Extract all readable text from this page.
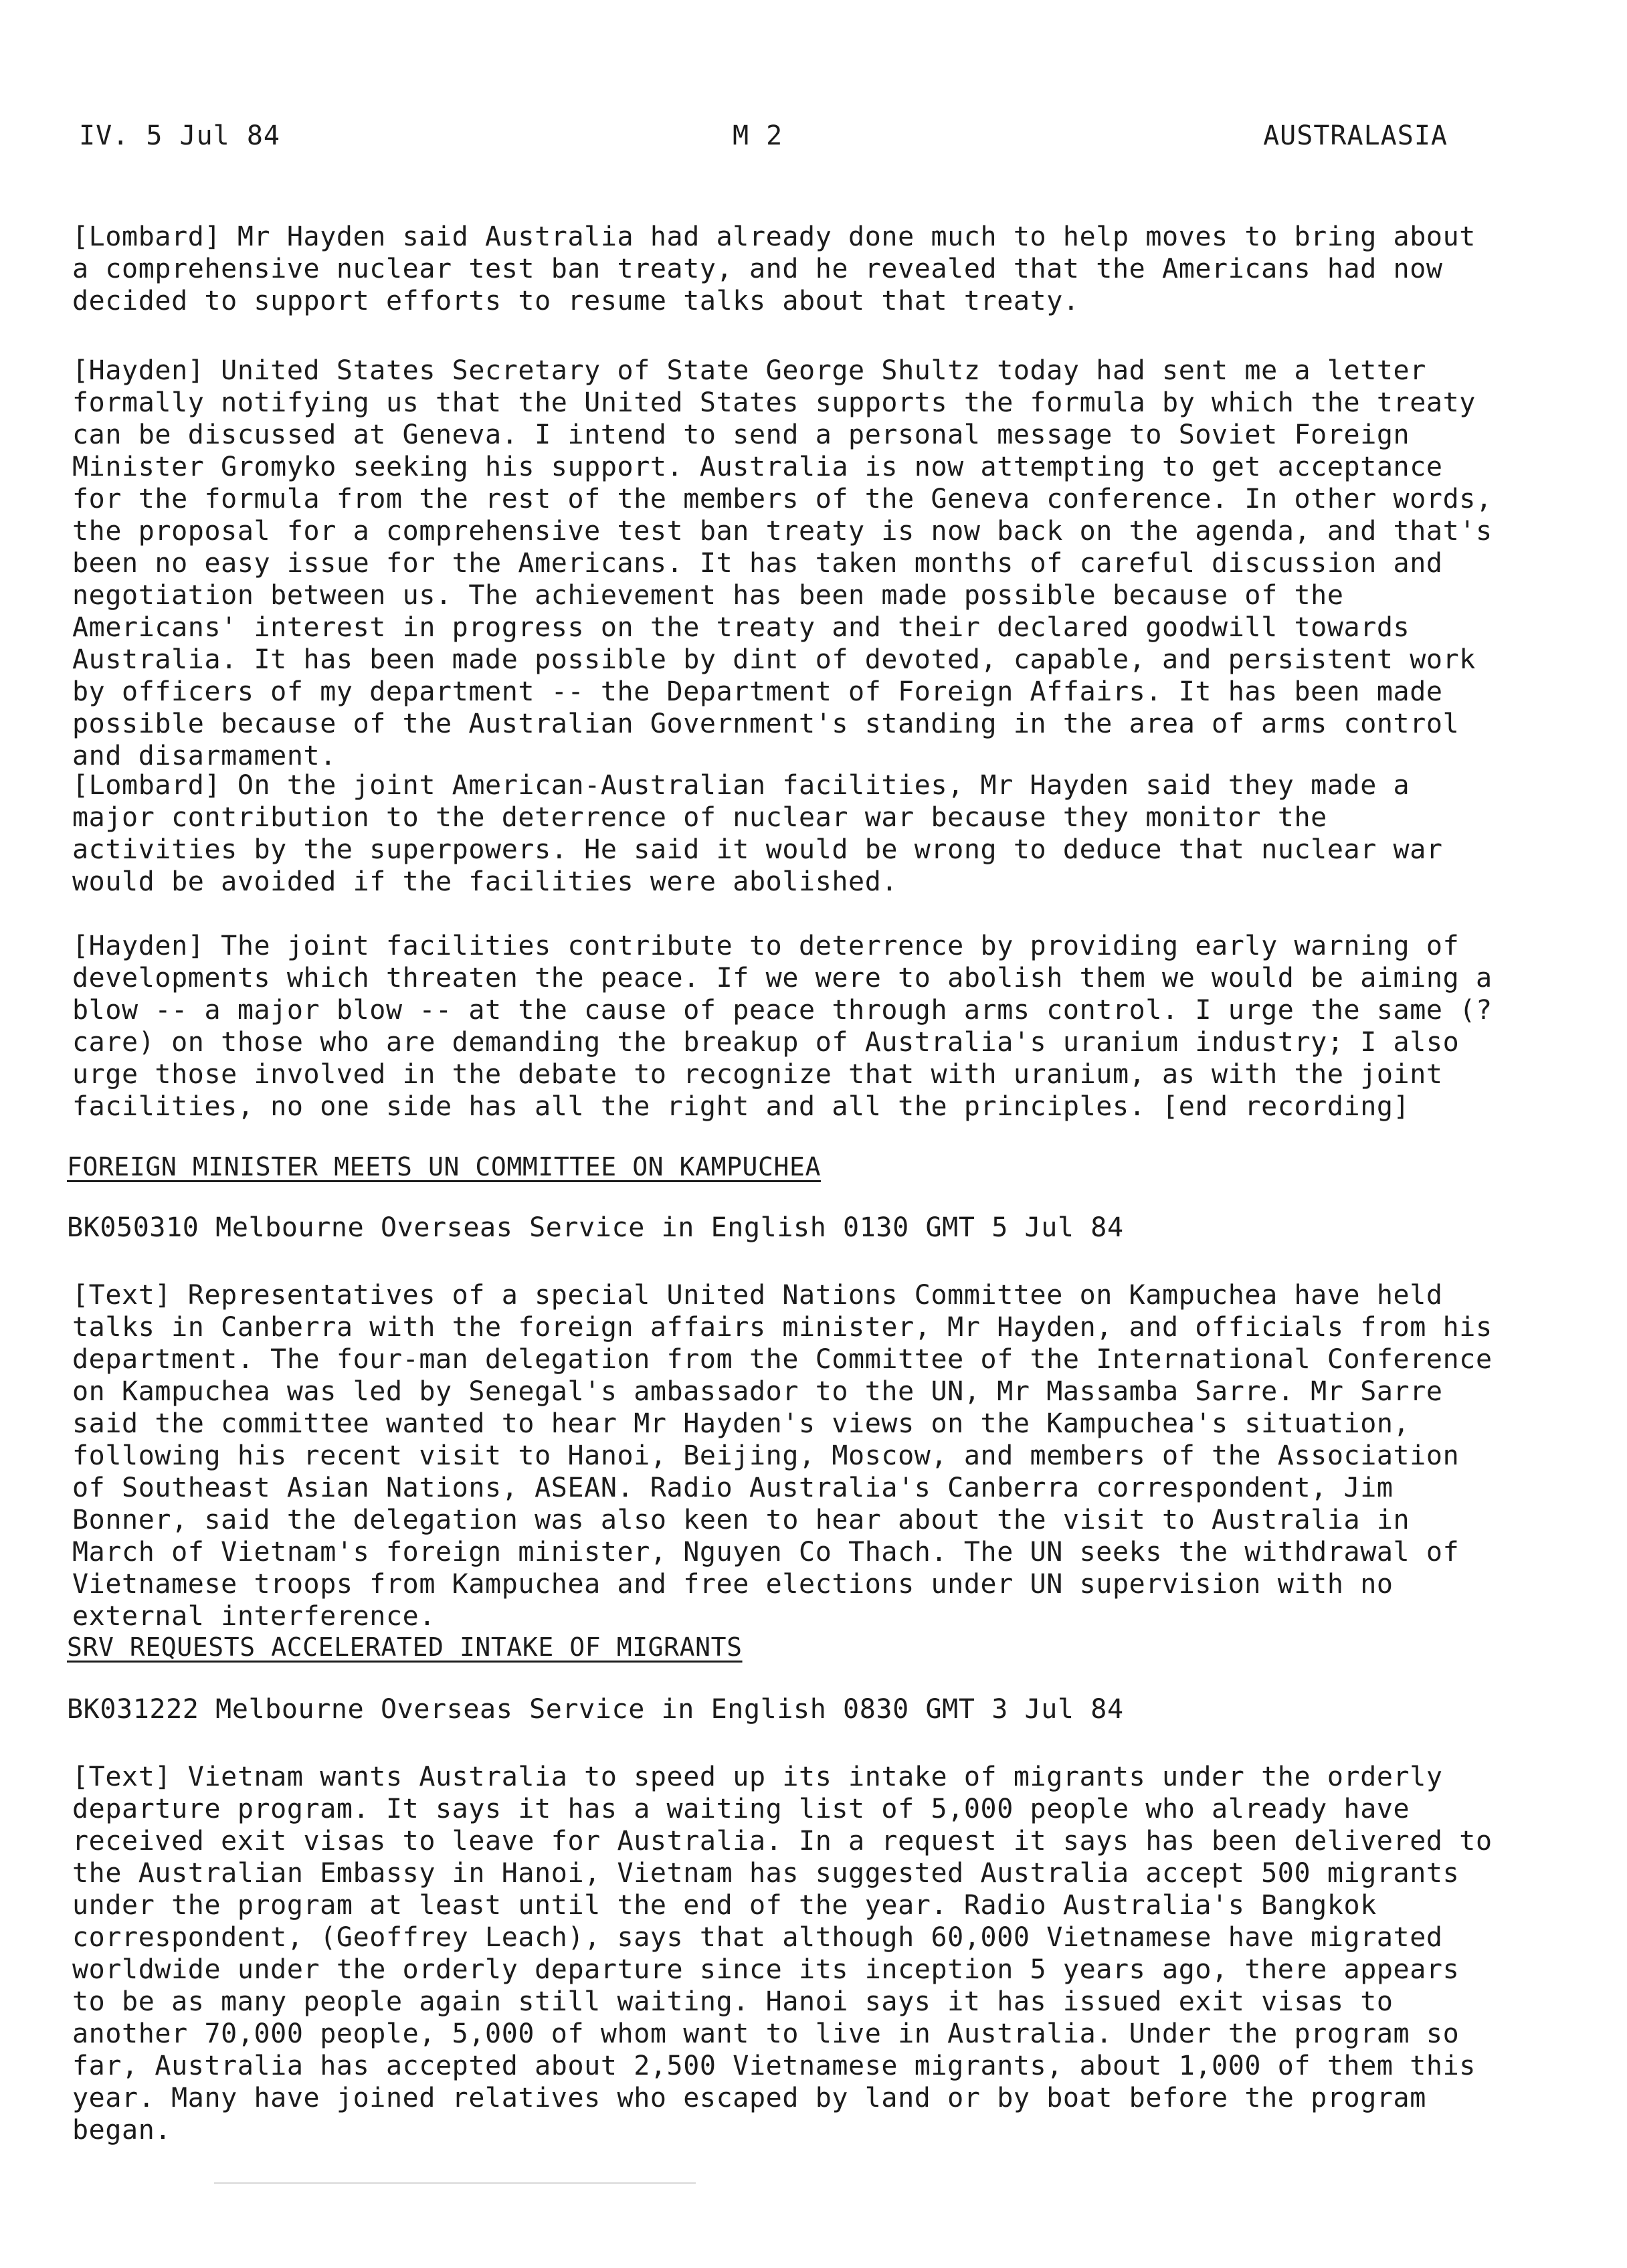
IV. 5 Jul 84	M 2	AUSTRALASIA

[Lombard] Mr Hayden said Australia had already done much to help moves to bring about a comprehensive nuclear test ban treaty, and he revealed that the Americans had now decided to support efforts to resume talks about that treaty.

[Hayden] United States Secretary of State George Shultz today had sent me a letter formally notifying us that the United States supports the formula by which the treaty can be discussed at Geneva. I intend to send a personal message to Soviet Foreign Minister Gromyko seeking his support. Australia is now attempting to get acceptance for the formula from the rest of the members of the Geneva conference. In other words, the proposal for a comprehensive test ban treaty is now back on the agenda, and that's been no easy issue for the Americans. It has taken months of careful discussion and negotiation between us. The achievement has been made possible because of the Americans' interest in progress on the treaty and their declared goodwill towards Australia. It has been made possible by dint of devoted, capable, and persistent work by officers of my department -- the Department of Foreign Affairs. It has been made possible because of the Australian Government's standing in the area of arms control and disarmament.

[Lombard] On the joint American-Australian facilities, Mr Hayden said they made a major contribution to the deterrence of nuclear war because they monitor the activities by the superpowers. He said it would be wrong to deduce that nuclear war would be avoided if the facilities were abolished.

[Hayden] The joint facilities contribute to deterrence by providing early warning of developments which threaten the peace. If we were to abolish them we would be aiming a blow -- a major blow -- at the cause of peace through arms control. I urge the same (?care) on those who are demanding the breakup of Australia's uranium industry; I also urge those involved in the debate to recognize that with uranium, as with the joint facilities, no one side has all the right and all the principles. [end recording]

FOREIGN MINISTER MEETS UN COMMITTEE ON KAMPUCHEA
BK050310 Melbourne Overseas Service in English 0130 GMT 5 Jul 84

[Text] Representatives of a special United Nations Committee on Kampuchea have held talks in Canberra with the foreign affairs minister, Mr Hayden, and officials from his department. The four-man delegation from the Committee of the International Conference on Kampuchea was led by Senegal's ambassador to the UN, Mr Massamba Sarre. Mr Sarre said the committee wanted to hear Mr Hayden's views on the Kampuchea's situation, following his recent visit to Hanoi, Beijing, Moscow, and members of the Association of Southeast Asian Nations, ASEAN. Radio Australia's Canberra correspondent, Jim Bonner, said the delegation was also keen to hear about the visit to Australia in March of Vietnam's foreign minister, Nguyen Co Thach. The UN seeks the withdrawal of Vietnamese troops from Kampuchea and free elections under UN supervision with no external interference.

SRV REQUESTS ACCELERATED INTAKE OF MIGRANTS
BK031222 Melbourne Overseas Service in English 0830 GMT 3 Jul 84

[Text] Vietnam wants Australia to speed up its intake of migrants under the orderly departure program. It says it has a waiting list of 5,000 people who already have received exit visas to leave for Australia. In a request it says has been delivered to the Australian Embassy in Hanoi, Vietnam has suggested Australia accept 500 migrants under the program at least until the end of the year. Radio Australia's Bangkok correspondent, (Geoffrey Leach), says that although 60,000 Vietnamese have migrated worldwide under the orderly departure since its inception 5 years ago, there appears to be as many people again still waiting. Hanoi says it has issued exit visas to another 70,000 people, 5,000 of whom want to live in Australia. Under the program so far, Australia has accepted about 2,500 Vietnamese migrants, about 1,000 of them this year. Many have joined relatives who escaped by land or by boat before the program began.
